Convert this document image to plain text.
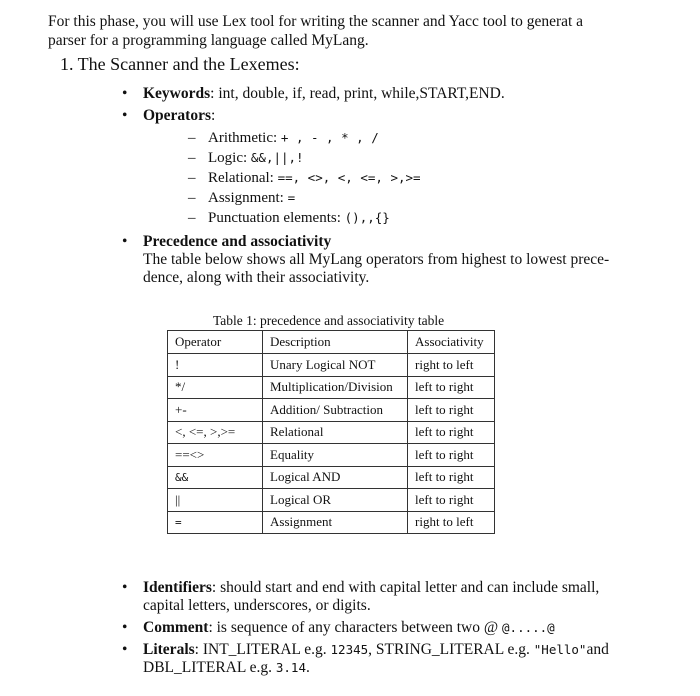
For this phase, you will use Lex tool for writing the scanner and Yacc tool to generat a
parser for a programming language called MyLang.
1. The Scanner and the Lexemes:
• Keywords: int, double, if, read, print, while,START,END.
• Operators:
– Arithmetic: + , - , * , /
– Logic: &&,||,!
– Relational: ==, <>, <, <=, >,>=
– Assignment: =
– Punctuation elements: (),,{}
• Precedence and associativity
The table below shows all MyLang operators from highest to lowest prece-
dence, along with their associativity.
Table 1: precedence and associativity table
Operator	Description	Associativity
!	Unary Logical NOT	right to left
*/	Multiplication/Division	left to right
+-	Addition/ Subtraction	left to right
<, <=, >,>=	Relational	left to right
==<>	Equality	left to right
&&	Logical AND	left to right
||	Logical OR	left to right
=	Assignment	right to left
• Identifiers: should start and end with capital letter and can include small,
capital letters, underscores, or digits.
• Comment: is sequence of any characters between two @ @.....@
• Literals: INT_LITERAL e.g. 12345, STRING_LITERAL e.g. "Hello"and
DBL_LITERAL e.g. 3.14.
